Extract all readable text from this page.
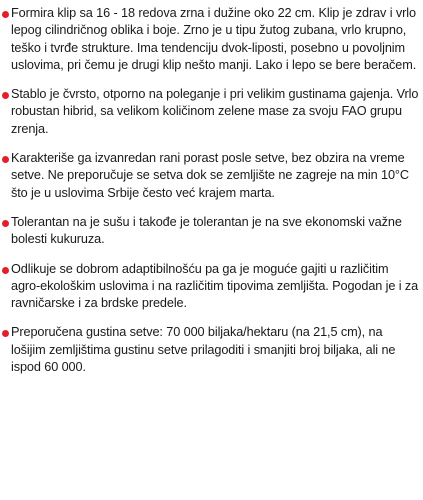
Formira klip sa 16 - 18 redova zrna i dužine oko 22 cm. Klip je zdrav i vrlo lepog cilindričnog oblika i boje. Zrno je u tipu žutog zubana, vrlo krupno, teško i tvrđe strukture. Ima tendenciju dvok-liposti, posebno u povoljnim uslovima, pri čemu je drugi klip nešto manji. Lako i lepo se bere beračem.
Stablo je čvrsto, otporno na poleganje i pri velikim gustinama gajenja. Vrlo robustan hibrid, sa velikom količinom zelene mase za svoju FAO grupu zrenja.
Karakteriše ga izvanredan rani porast posle setve, bez obzira na vreme setve. Ne preporučuje se setva dok se zemljište ne zagreje na min 10°C što je u uslovima Srbije često već krajem marta.
Tolerantan na je sušu i takođe je tolerantan je na sve ekonomski važne bolesti kukuruza.
Odlikuje se dobrom adaptibilnošću pa ga je moguće gajiti u različitim agro-ekološkim uslovima i na različitim tipovima zemljišta. Pogodan je i za ravničarske i za brdske predele.
Preporučena gustina setve: 70 000 biljaka/hektaru (na 21,5 cm), na lošijim zemljištima gustinu setve prilagoditi i smanjiti broj biljaka, ali ne ispod 60 000.
